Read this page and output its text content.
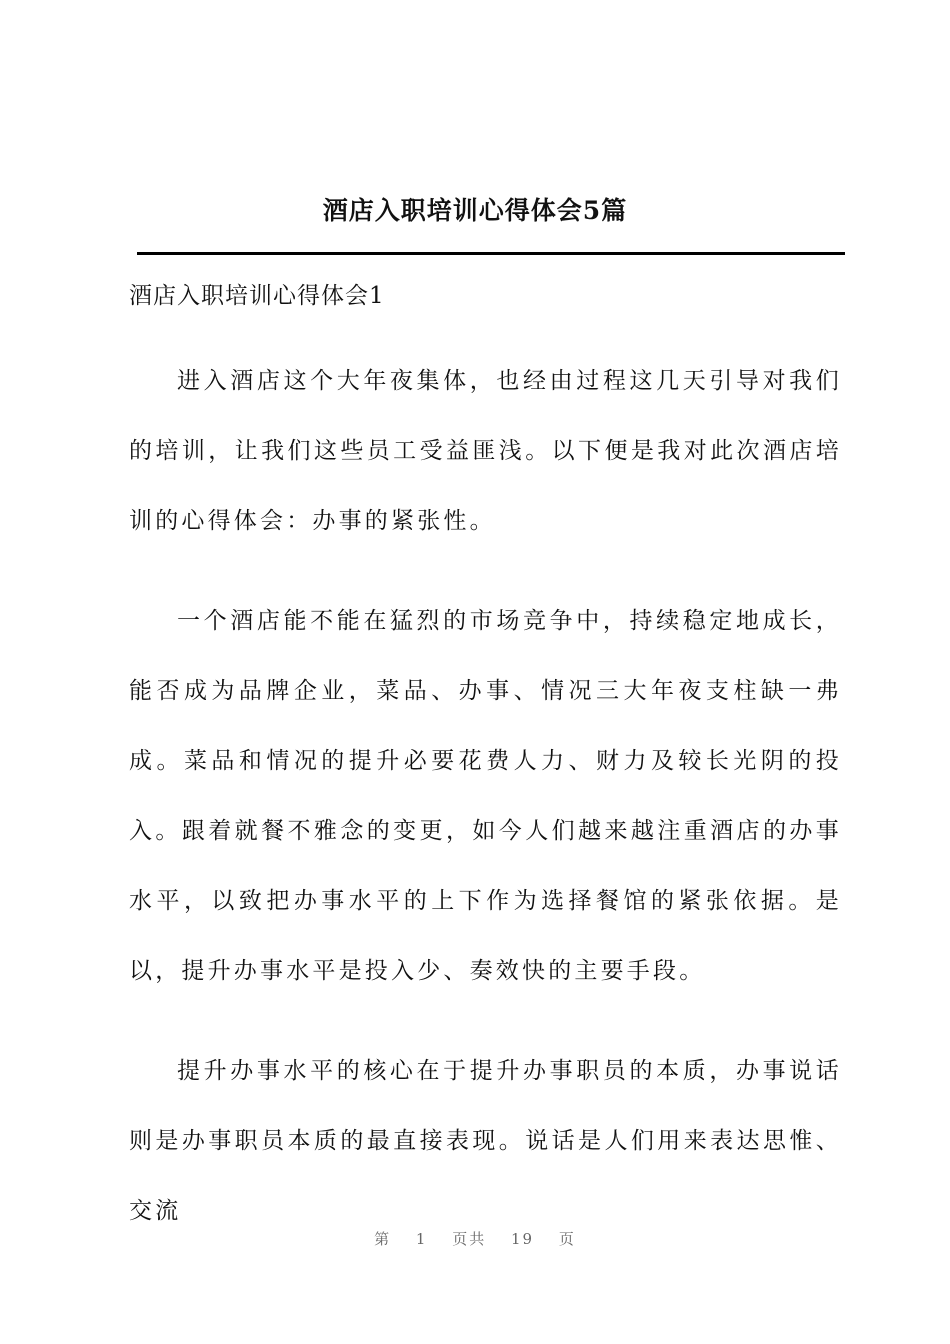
酒店入职培训心得体会5篇
酒店入职培训心得体会1

进入酒店这个大年夜集体，也经由过程这几天引导对我们的培训，让我们这些员工受益匪浅。以下便是我对此次酒店培训的心得体会：办事的紧张性。

一个酒店能不能在猛烈的市场竞争中，持续稳定地成长，能否成为品牌企业，菜品、办事、情况三大年夜支柱缺一弗成。菜品和情况的提升必要花费人力、财力及较长光阴的投入。跟着就餐不雅念的变更，如今人们越来越注重酒店的办事水平，以致把办事水平的上下作为选择餐馆的紧张依据。是以，提升办事水平是投入少、奏效快的主要手段。

提升办事水平的核心在于提升办事职员的本质，办事说话则是办事职员本质的最直接表现。说话是人们用来表达思惟、交流

第 1 页共 19 页
